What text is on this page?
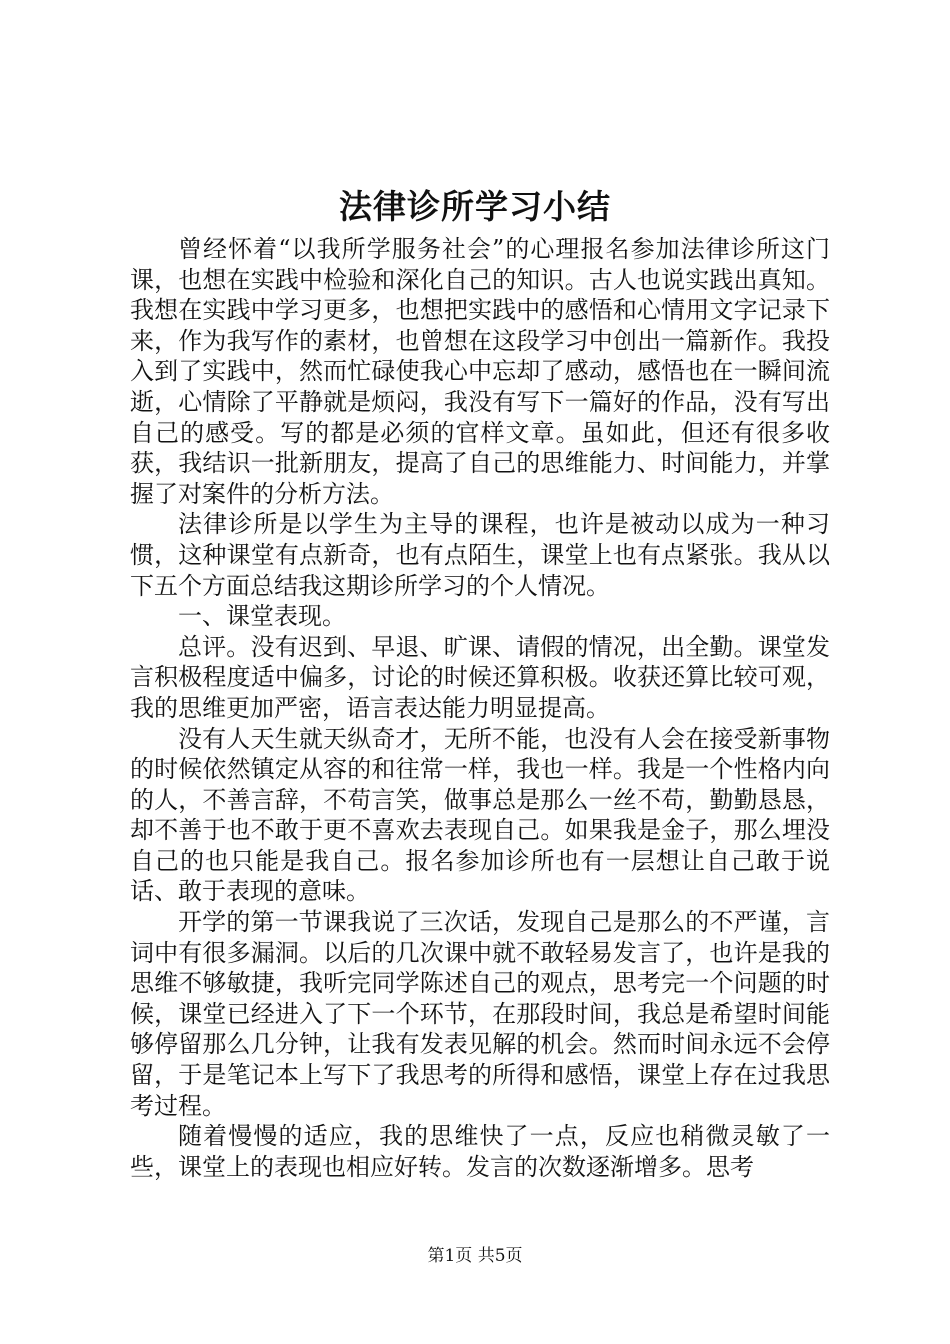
法律诊所学习小结

曾经怀着“以我所学服务社会”的心理报名参加法律诊所这门课，也想在实践中检验和深化自己的知识。古人也说实践出真知。我想在实践中学习更多，也想把实践中的感悟和心情用文字记录下来，作为我写作的素材，也曾想在这段学习中创出一篇新作。我投入到了实践中，然而忙碌使我心中忘却了感动，感悟也在一瞬间流逝，心情除了平静就是烦闷，我没有写下一篇好的作品，没有写出自己的感受。写的都是必须的官样文章。虽如此，但还有很多收获，我结识一批新朋友，提高了自己的思维能力、时间能力，并掌握了对案件的分析方法。

法律诊所是以学生为主导的课程，也许是被动以成为一种习惯，这种课堂有点新奇，也有点陌生，课堂上也有点紧张。我从以下五个方面总结我这期诊所学习的个人情况。

一、课堂表现。

总评。没有迟到、早退、旷课、请假的情况，出全勤。课堂发言积极程度适中偏多，讨论的时候还算积极。收获还算比较可观，我的思维更加严密，语言表达能力明显提高。

没有人天生就天纵奇才，无所不能，也没有人会在接受新事物的时候依然镇定从容的和往常一样，我也一样。我是一个性格内向的人，不善言辞，不苟言笑，做事总是那么一丝不苟，勤勤恳恳，却不善于也不敢于更不喜欢去表现自己。如果我是金子，那么埋没自己的也只能是我自己。报名参加诊所也有一层想让自己敢于说话、敢于表现的意味。

开学的第一节课我说了三次话，发现自己是那么的不严谨，言词中有很多漏洞。以后的几次课中就不敢轻易发言了，也许是我的思维不够敏捷，我听完同学陈述自己的观点，思考完一个问题的时候，课堂已经进入了下一个环节，在那段时间，我总是希望时间能够停留那么几分钟，让我有发表见解的机会。然而时间永远不会停留，于是笔记本上写下了我思考的所得和感悟，课堂上存在过我思考过程。

随着慢慢的适应，我的思维快了一点，反应也稍微灵敏了一些，课堂上的表现也相应好转。发言的次数逐渐增多。思考

第1页 共5页
